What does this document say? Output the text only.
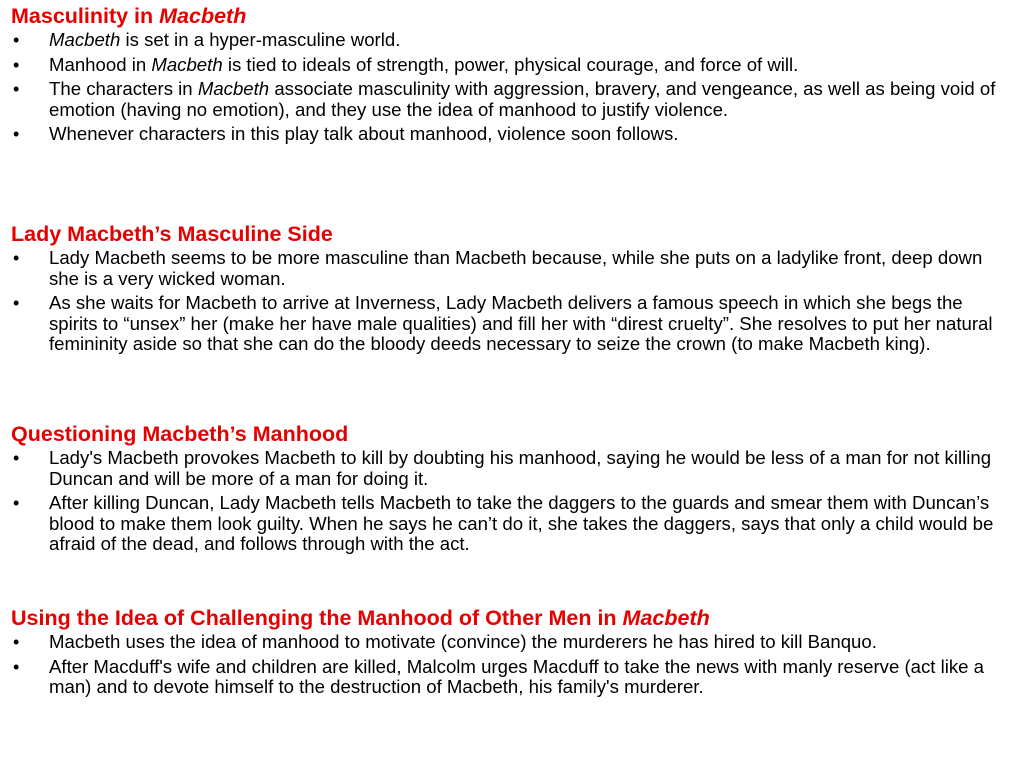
Masculinity in Macbeth
• Macbeth is set in a hyper-masculine world.
• Manhood in Macbeth is tied to ideals of strength, power, physical courage, and force of will.
• The characters in Macbeth associate masculinity with aggression, bravery, and vengeance, as well as being void of emotion (having no emotion), and they use the idea of manhood to justify violence.
• Whenever characters in this play talk about manhood, violence soon follows.
Lady Macbeth’s Masculine Side
• Lady Macbeth seems to be more masculine than Macbeth because, while she puts on a ladylike front, deep down she is a very wicked woman.
• As she waits for Macbeth to arrive at Inverness, Lady Macbeth delivers a famous speech in which she begs the spirits to “unsex” her (make her have male qualities) and fill her with “direst cruelty”. She resolves to put her natural femininity aside so that she can do the bloody deeds necessary to seize the crown (to make Macbeth king).
Questioning Macbeth’s Manhood
• Lady's Macbeth provokes Macbeth to kill by doubting his manhood, saying he would be less of a man for not killing Duncan and will be more of a man for doing it.
• After killing Duncan, Lady Macbeth tells Macbeth to take the daggers to the guards and smear them with Duncan’s blood to make them look guilty. When he says he can’t do it, she takes the daggers, says that only a child would be afraid of the dead, and follows through with the act.
Using the Idea of Challenging the Manhood of Other Men in Macbeth
• Macbeth uses the idea of manhood to motivate (convince) the murderers he has hired to kill Banquo.
• After Macduff's wife and children are killed, Malcolm urges Macduff to take the news with manly reserve (act like a man) and to devote himself to the destruction of Macbeth, his family's murderer.
